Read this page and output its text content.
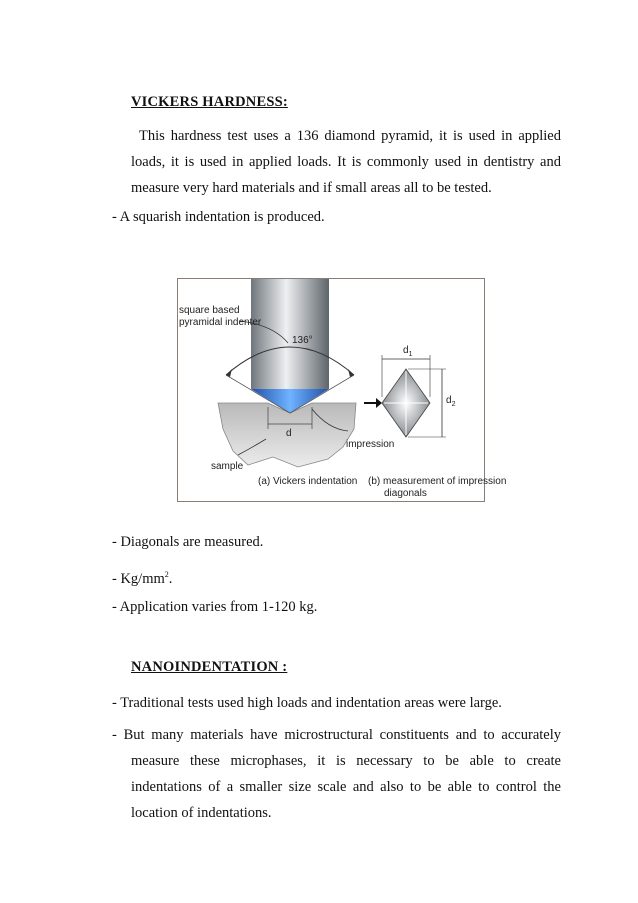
VICKERS HARDNESS:
This hardness test uses a 136 diamond pyramid, it is used in applied loads, it is used in applied loads. It is commonly used in dentistry and measure very hard materials and if small areas all to be tested.
- A squarish indentation is produced.
d
square based
pyramidal indenter
136°
impression
sample
(a) Vickers indentation (b) measurement of impression
diagonals
$d_1$
$d_2$
- Diagonals are measured.
- $Kg/mm^2$.
- Application varies from 1-120 kg.
NANOINDENTATION :
- Traditional tests used high loads and indentation areas were large.
- But many materials have microstructural constituents and to accurately measure these microphases, it is necessary to be able to create indentations of a smaller size scale and also to be able to control the location of indentations.
